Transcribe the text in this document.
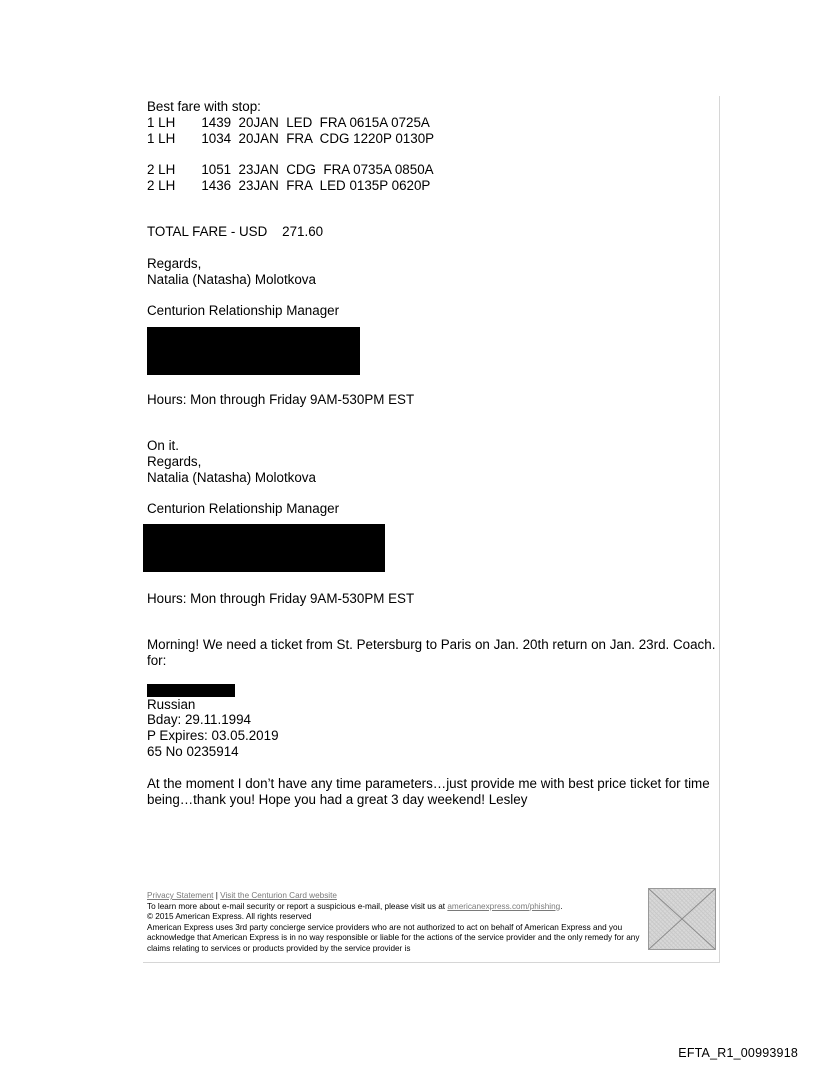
Best fare with stop:
1 LH       1439  20JAN  LED  FRA 0615A 0725A
1 LH       1034  20JAN  FRA  CDG 1220P 0130P
2 LH       1051  23JAN  CDG  FRA 0735A 0850A
2 LH       1436  23JAN  FRA  LED 0135P 0620P
TOTAL FARE - USD    271.60
Regards,
Natalia (Natasha) Molotkova
Centurion Relationship Manager
Hours: Mon through Friday 9AM-530PM EST
On it.
Regards,
Natalia (Natasha) Molotkova
Centurion Relationship Manager
Hours: Mon through Friday 9AM-530PM EST
Morning! We need a ticket from St. Petersburg to Paris on Jan. 20th return on Jan. 23rd. Coach. for:
Russian
Bday: 29.11.1994
P Expires: 03.05.2019
65 No 0235914
At the moment I don’t have any time parameters…just provide me with best price ticket for time being…thank you! Hope you had a great 3 day weekend! Lesley
Privacy Statement | Visit the Centurion Card website
To learn more about e-mail security or report a suspicious e-mail, please visit us at americanexpress.com/phishing.
© 2015 American Express. All rights reserved
American Express uses 3rd party concierge service providers who are not authorized to act on behalf of American Express and you acknowledge that American Express is in no way responsible or liable for the actions of the service provider and the only remedy for any claims relating to services or products provided by the service provider is
EFTA_R1_00993918
